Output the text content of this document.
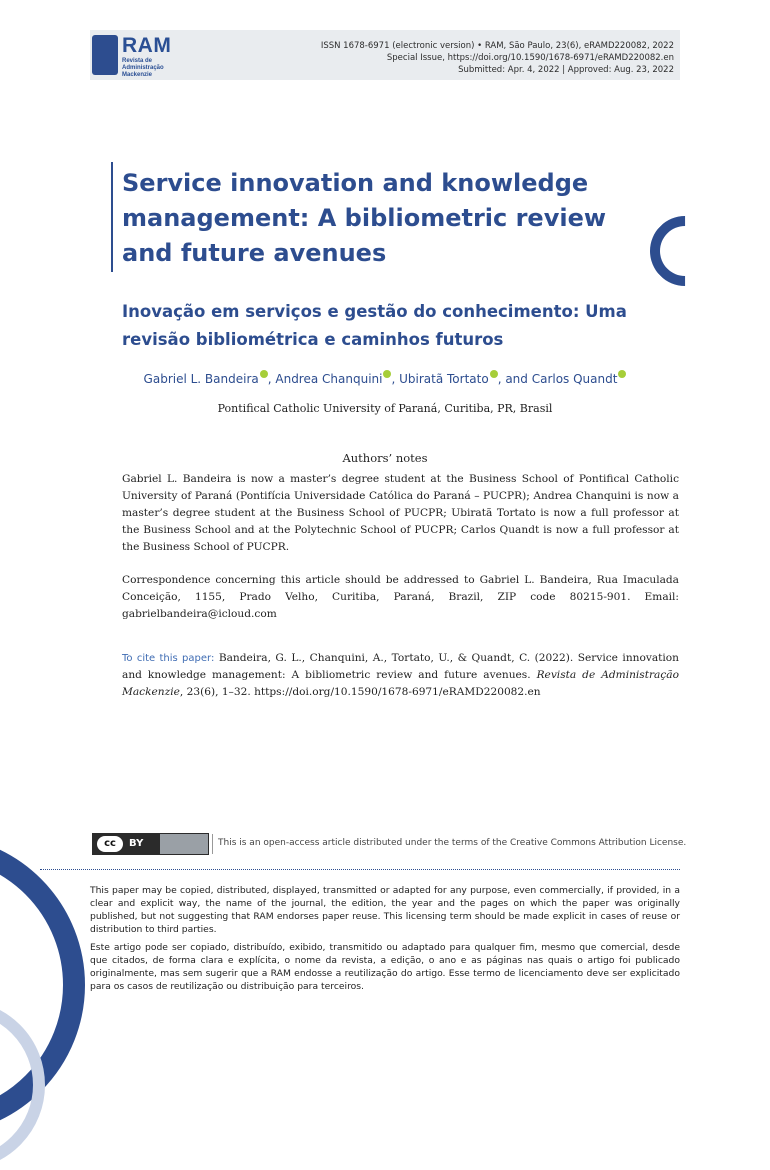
RAM
Revista de Administração Mackenzie
ISSN 1678-6971 (electronic version) • RAM, São Paulo, 23(6), eRAMD220082, 2022
Special Issue, https://doi.org/10.1590/1678-6971/eRAMD220082.en
Submitted: Apr. 4, 2022 | Approved: Aug. 23, 2022
Service innovation and knowledge management: A bibliometric review and future avenues
Inovação em serviços e gestão do conhecimento: Uma revisão bibliométrica e caminhos futuros
Gabriel L. Bandeira , Andrea Chanquini , Ubiratã Tortato , and Carlos Quandt
Pontifical Catholic University of Paraná, Curitiba, PR, Brasil
Authors’ notes
Gabriel L. Bandeira is now a master’s degree student at the Business School of Pontifical Catholic University of Paraná (Pontifícia Universidade Católica do Paraná – PUCPR); Andrea Chanquini is now a master’s degree student at the Business School of PUCPR; Ubiratã Tortato is now a full professor at the Business School and at the Polytechnic School of PUCPR; Carlos Quandt is now a full professor at the Business School of PUCPR.
Correspondence concerning this article should be addressed to Gabriel L. Bandeira, Rua Imaculada Conceição, 1155, Prado Velho, Curitiba, Paraná, Brazil, ZIP code 80215-901. Email: gabrielbandeira@icloud.com
To cite this paper: Bandeira, G. L., Chanquini, A., Tortato, U., & Quandt, C. (2022). Service innovation and knowledge management: A bibliometric review and future avenues. Revista de Administração Mackenzie, 23(6), 1–32. https://doi.org/10.1590/1678-6971/eRAMD220082.en
cc	BY	This is an open-access article distributed under the terms of the Creative Commons Attribution License.
This paper may be copied, distributed, displayed, transmitted or adapted for any purpose, even commercially, if provided, in a clear and explicit way, the name of the journal, the edition, the year and the pages on which the paper was originally published, but not suggesting that RAM endorses paper reuse. This licensing term should be made explicit in cases of reuse or distribution to third parties.
Este artigo pode ser copiado, distribuído, exibido, transmitido ou adaptado para qualquer fim, mesmo que comercial, desde que citados, de forma clara e explícita, o nome da revista, a edição, o ano e as páginas nas quais o artigo foi publicado originalmente, mas sem sugerir que a RAM endosse a reutilização do artigo. Esse termo de licenciamento deve ser explicitado para os casos de reutilização ou distribuição para terceiros.
